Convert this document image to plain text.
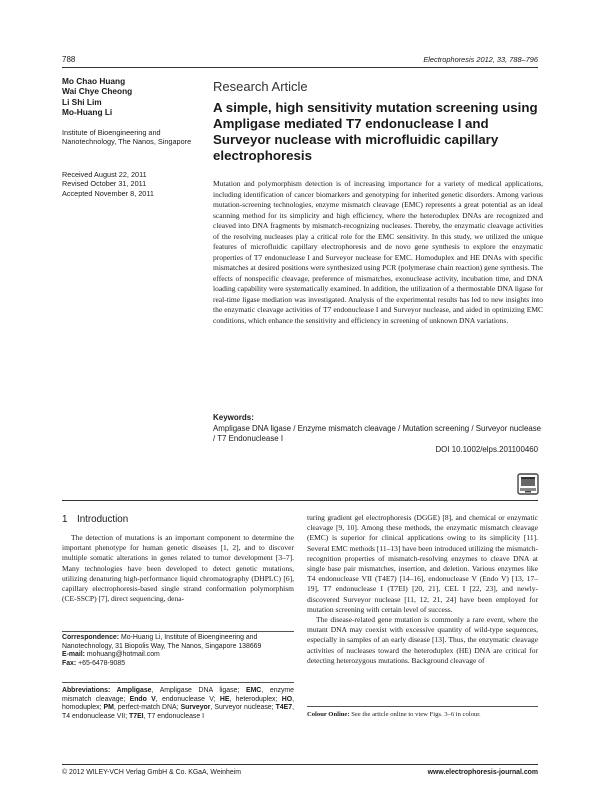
788	Electrophoresis 2012, 33, 788–796
Mo Chao Huang
Wai Chye Cheong
Li Shi Lim
Mo-Huang Li
Institute of Bioengineering and Nanotechnology, The Nanos, Singapore
Received August 22, 2011
Revised October 31, 2011
Accepted November 8, 2011
Research Article
A simple, high sensitivity mutation screening using Ampligase mediated T7 endonuclease I and Surveyor nuclease with microfluidic capillary electrophoresis

Mutation and polymorphism detection is of increasing importance for a variety of medical applications, including identification of cancer biomarkers and genotyping for inherited genetic disorders. Among various mutation-screening technologies, enzyme mismatch cleavage (EMC) represents a great potential as an ideal scanning method for its simplicity and high efficiency, where the heteroduplex DNAs are recognized and cleaved into DNA fragments by mismatch-recognizing nucleases. Thereby, the enzymatic cleavage activities of the resolving nucleases play a critical role for the EMC sensitivity. In this study, we utilized the unique features of microfluidic capillary electrophoresis and de novo gene synthesis to explore the enzymatic properties of T7 endonuclease I and Surveyor nuclease for EMC. Homoduplex and HE DNAs with specific mismatches at desired positions were synthesized using PCR (polymerase chain reaction) gene synthesis. The effects of nonspecific cleavage, preference of mismatches, exonuclease activity, incubation time, and DNA loading capability were systematically examined. In addition, the utilization of a thermostable DNA ligase for real-time ligase mediation was investigated. Analysis of the experimental results has led to new insights into the enzymatic cleavage activities of T7 endonuclease I and Surveyor nuclease, and aided in optimizing EMC conditions, which enhance the sensitivity and efficiency in screening of unknown DNA variations.

Keywords:
Ampligase DNA ligase / Enzyme mismatch cleavage / Mutation screening / Surveyor nuclease / T7 Endonuclease I
DOI 10.1002/elps.201100460
1 Introduction

The detection of mutations is an important component to determine the important phenotype for human genetic diseases [1, 2], and to discover multiple somatic alterations in genes related to tumor development [3–7]. Many technologies have been developed to detect genetic mutations, utilizing denaturing high-performance liquid chromatography (DHPLC) [6], capillary electrophoresis-based single strand conformation polymorphism (CE-SSCP) [7], direct sequencing, dena-

turing gradient gel electrophoresis (DGGE) [8], and chemical or enzymatic cleavage [9, 10]. Among these methods, the enzymatic mismatch cleavage (EMC) is superior for clinical applications owing to its simplicity [11]. Several EMC methods [11–13] have been introduced utilizing the mismatch-recognition properties of mismatch-resolving enzymes to cleave DNA at single base pair mismatches, insertion, and deletion. Various enzymes like T4 endonuclease VII (T4E7) [14–16], endonuclease V (Endo V) [13, 17–19], T7 endonuclease I (T7EI) [20, 21], CEL I [22, 23], and newly-discovered Surveyor nuclease [11, 12, 21, 24] have been employed for mutation screening with certain level of success.

The disease-related gene mutation is commonly a rare event, where the mutant DNA may coexist with excessive quantity of wild-type sequences, especially in samples of an early disease [13]. Thus, the enzymatic cleavage activities of nucleases toward the heteroduplex (HE) DNA are critical for detecting heterozygous mutations. Background cleavage of

Correspondence: Mo-Huang Li, Institute of Bioengineering and Nanotechnology, 31 Biopolis Way, The Nanos, Singapore 138669
E-mail: mohuang@hotmail.com
Fax: +65-6478-9085
Abbreviations: Ampligase, Ampligase DNA ligase; EMC, enzyme mismatch cleavage; Endo V, endonuclease V; HE, heteroduplex; HO, homoduplex; PM, perfect-match DNA; Surveyor, Surveyor nuclease; T4E7, T4 endonuclease VII; T7EI, T7 endonuclease I	Colour Online: See the article online to view Figs. 3–6 in colour.
© 2012 WILEY-VCH Verlag GmbH & Co. KGaA, Weinheim	www.electrophoresis-journal.com
